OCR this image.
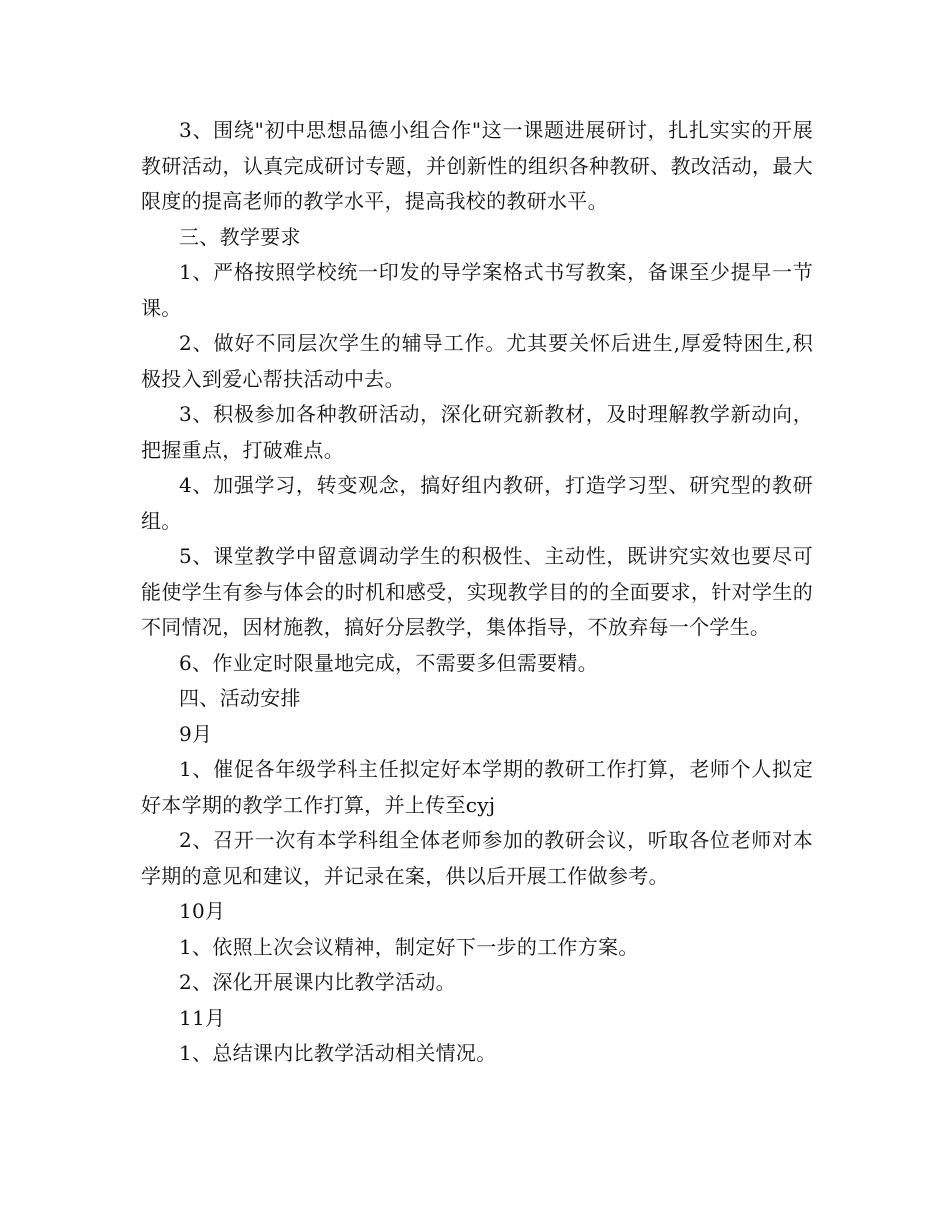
3、围绕"初中思想品德小组合作"这一课题进展研讨，扎扎实实的开展教研活动，认真完成研讨专题，并创新性的组织各种教研、教改活动，最大限度的提高老师的教学水平，提高我校的教研水平。

三、教学要求

1、严格按照学校统一印发的导学案格式书写教案，备课至少提早一节课。

2、做好不同层次学生的辅导工作。尤其要关怀后进生,厚爱特困生,积极投入到爱心帮扶活动中去。

3、积极参加各种教研活动，深化研究新教材，及时理解教学新动向，把握重点，打破难点。

4、加强学习，转变观念，搞好组内教研，打造学习型、研究型的教研组。

5、课堂教学中留意调动学生的积极性、主动性，既讲究实效也要尽可能使学生有参与体会的时机和感受，实现教学目的的全面要求，针对学生的不同情况，因材施教，搞好分层教学，集体指导，不放弃每一个学生。

6、作业定时限量地完成，不需要多但需要精。

四、活动安排

9月

1、催促各年级学科主任拟定好本学期的教研工作打算，老师个人拟定好本学期的教学工作打算，并上传至cyj

2、召开一次有本学科组全体老师参加的教研会议，听取各位老师对本学期的意见和建议，并记录在案，供以后开展工作做参考。

10月

1、依照上次会议精神，制定好下一步的工作方案。

2、深化开展课内比教学活动。

11月

1、总结课内比教学活动相关情况。
